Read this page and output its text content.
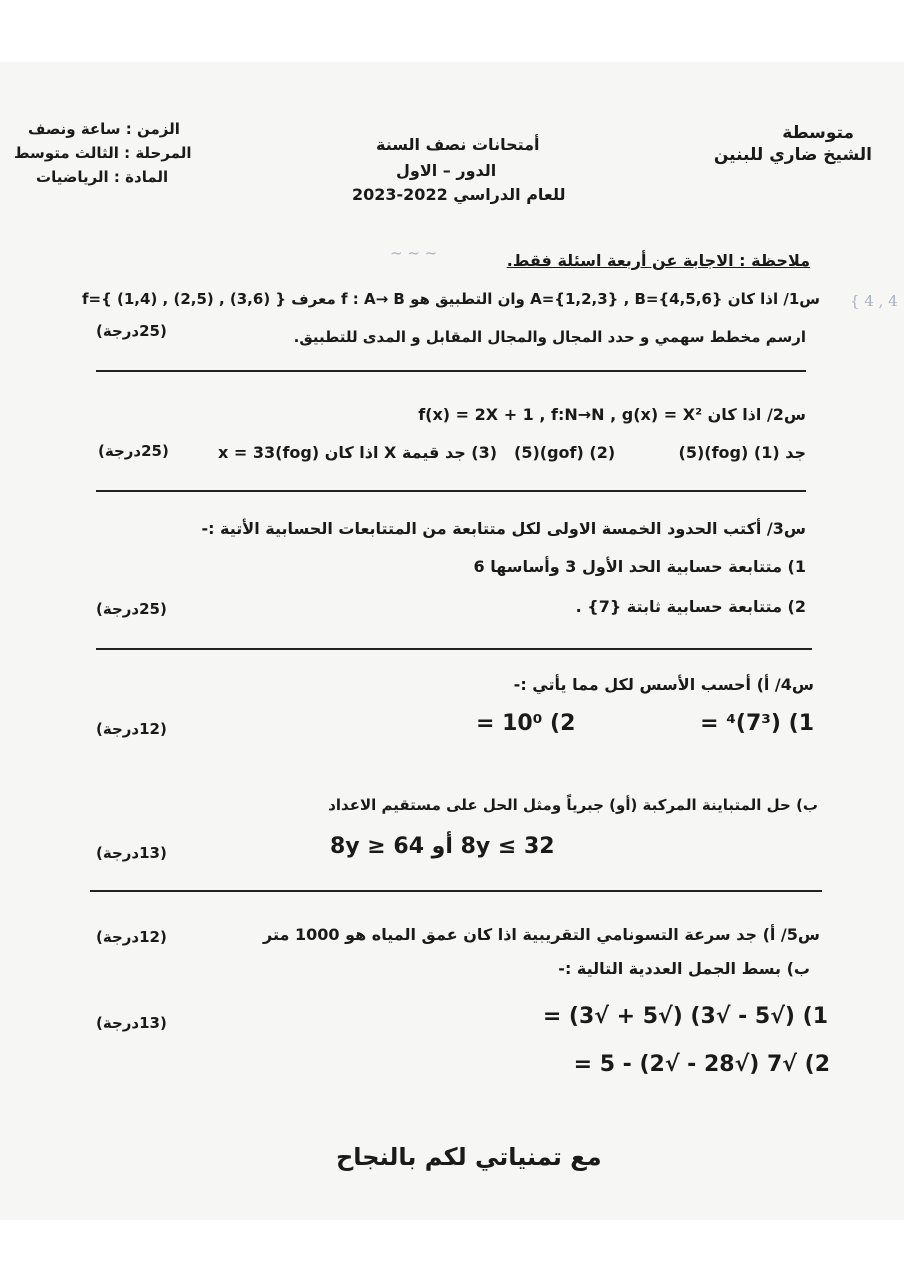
متوسطة
الشيخ ضاري للبنين
أمتحانات نصف السنة
الدور – الاول
للعام الدراسي 2022-2023
الزمن : ساعة ونصف
المرحلة : الثالث متوسط
المادة : الرياضيات
~ ~ ~
{ 4 , 4
ملاحظة : الاجابة عن أربعة اسئلة فقط.
س1/ اذا كان A={1,2,3} , B={4,5,6} وان التطبيق هو f : A→ B معرف { (3,6) , (2,5) , (1,4) }=f
ارسم مخطط سهمي و حدد المجال والمجال المقابل و المدى للتطبيق.
(25درجة)
س2/ اذا كان f(x) = 2X + 1 , f:N→N , g(x) = X²
جد (1) (fog)(5)
(2) (gof)(5)
(3) جد قيمة X اذا كان (fog)x = 33
(25درجة)
س3/ أكتب الحدود الخمسة الاولى لكل متتابعة من المتتابعات الحسابية الأتية :-
1) متتابعة حسابية الحد الأول 3 وأساسها 6
2) متتابعة حسابية ثابتة {7} .
(25درجة)
س4/ أ) أحسب الأسس لكل مما يأتي :-
1) (7³)⁴ =
2) 10⁰ =
(12درجة)
ب) حل المتباينة المركبة (أو) جبرياً ومثل الحل على مستقيم الاعداد
8y ≤ 32 أو 8y ≥ 64
(13درجة)
س5/ أ) جد سرعة التسونامي التقريبية اذا كان عمق المياه هو 1000 متر
(12درجة)
ب) بسط الجمل العددية التالية :-
1) (√5 - √3) (√5 + √3) =
(13درجة)
2) √7 (√28 - √2) - 5 =
مع تمنياتي لكم بالنجاح
